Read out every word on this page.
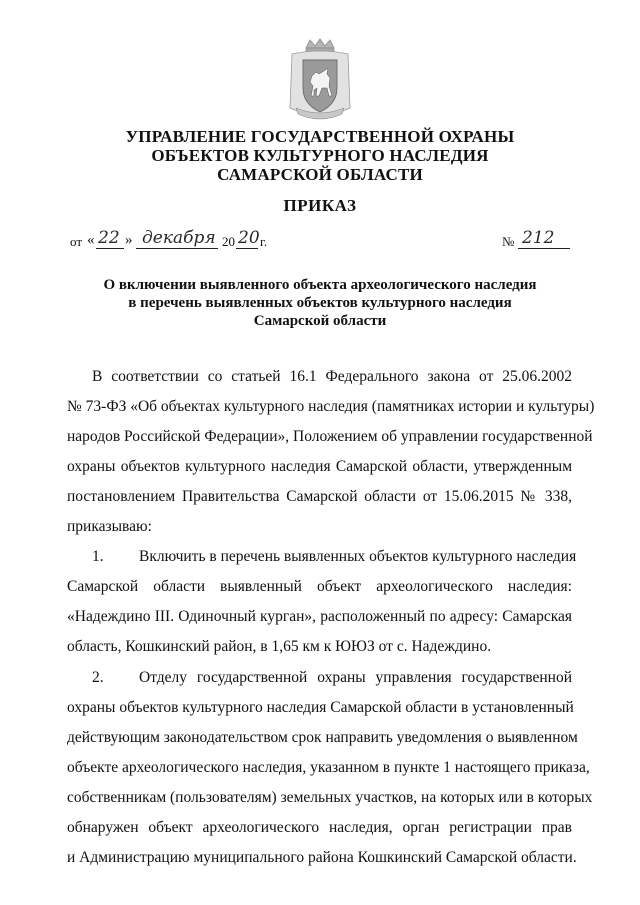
УПРАВЛЕНИЕ ГОСУДАРСТВЕННОЙ ОХРАНЫ
ОБЪЕКТОВ КУЛЬТУРНОГО НАСЛЕДИЯ
САМАРСКОЙ ОБЛАСТИ
ПРИКАЗ
от « 22 » декабря 20 20 г.	№ 212
О включении выявленного объекта археологического наследия
в перечень выявленных объектов культурного наследия
Самарской области
В соответствии со статьей 16.1 Федерального закона от 25.06.2002
№ 73-ФЗ «Об объектах культурного наследия (памятниках истории и культуры)
народов Российской Федерации», Положением об управлении государственной
охраны объектов культурного наследия Самарской области, утвержденным
постановлением Правительства Самарской области от 15.06.2015 № 338,
приказываю:
1. Включить в перечень выявленных объектов культурного наследия
Самарской области выявленный объект археологического наследия:
«Надеждино III. Одиночный курган», расположенный по адресу: Самарская
область, Кошкинский район, в 1,65 км к ЮЮЗ от с. Надеждино.
2. Отделу государственной охраны управления государственной
охраны объектов культурного наследия Самарской области в установленный
действующим законодательством срок направить уведомления о выявленном
объекте археологического наследия, указанном в пункте 1 настоящего приказа,
собственникам (пользователям) земельных участков, на которых или в которых
обнаружен объект археологического наследия, орган регистрации прав
и Администрацию муниципального района Кошкинский Самарской области.
